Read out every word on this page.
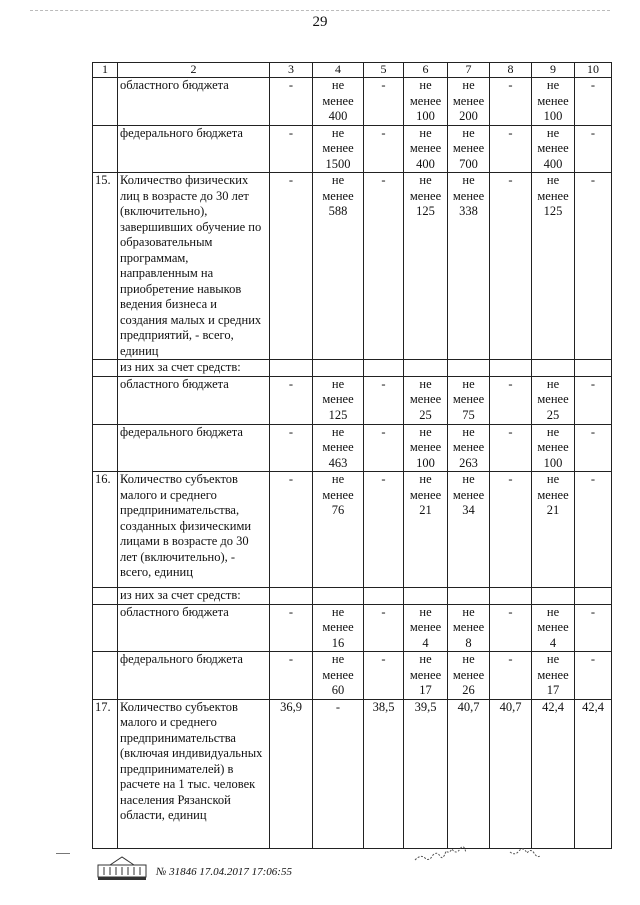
29
1	2	3	4	5	6	7	8	9	10
	областного бюджета	-	не менее 400	-	не менее 100	не менее 200	-	не менее 100	-
	федерального бюджета	-	не менее 1500	-	не менее 400	не менее 700	-	не менее 400	-
15.	Количество физических лиц в возрасте до 30 лет (включительно), завершивших обучение по образовательным программам, направленным на приобретение навыков ведения бизнеса и создания малых и средних предприятий, - всего, единиц	-	не менее 588	-	не менее 125	не менее 338	-	не менее 125	-
	из них за счет средств:								
	областного бюджета	-	не менее 125	-	не менее 25	не менее 75	-	не менее 25	-
	федерального бюджета	-	не менее 463	-	не менее 100	не менее 263	-	не менее 100	-
16.	Количество субъектов малого и среднего предпринимательства, созданных физическими лицами в возрасте до 30 лет (включительно), - всего, единиц	-	не менее 76	-	не менее 21	не менее 34	-	не менее 21	-
	из них за счет средств:								
	областного бюджета	-	не менее 16	-	не менее 4	не менее 8	-	не менее 4	-
	федерального бюджета	-	не менее 60	-	не менее 17	не менее 26	-	не менее 17	-
17.	Количество субъектов малого и среднего предпринимательства (включая индивидуальных предпринимателей) в расчете на 1 тыс. человек населения Рязанской области, единиц	36,9	-	38,5	39,5	40,7	40,7	42,4	42,4
№ 31846 17.04.2017 17:06:55
